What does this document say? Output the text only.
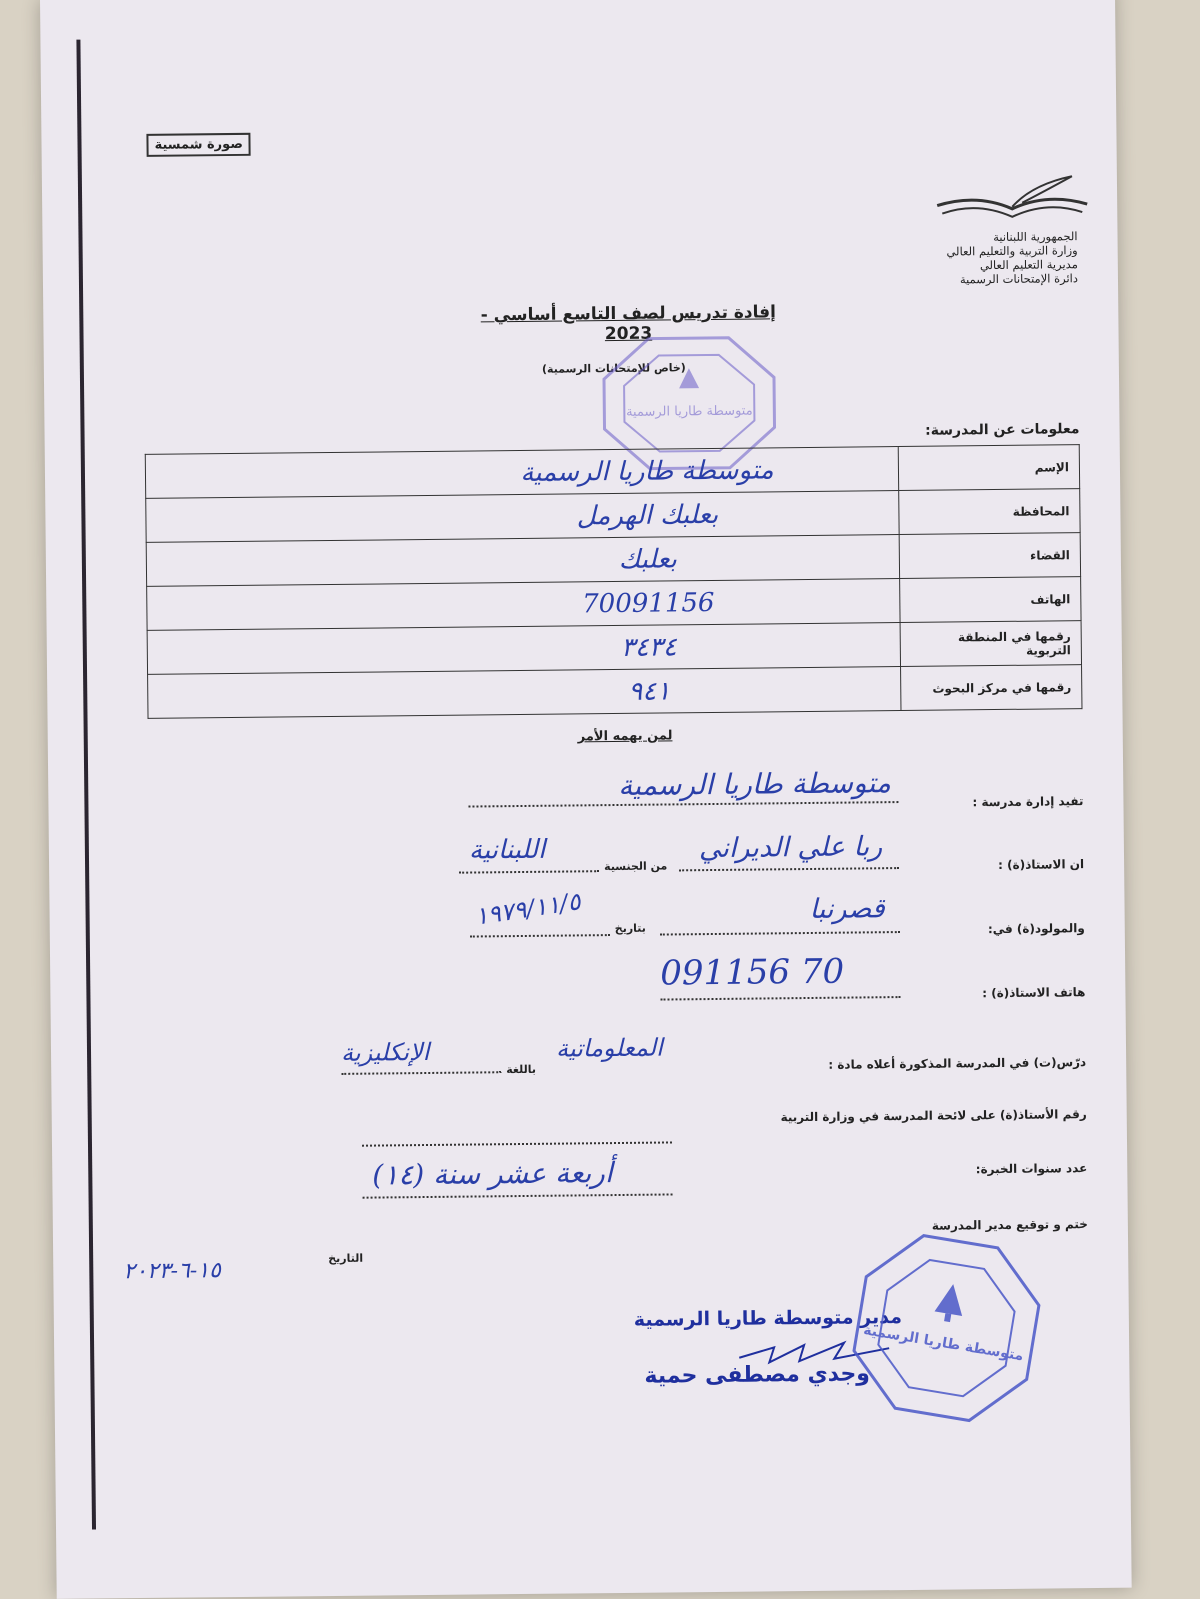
صورة شمسية
الجمهورية اللبنانية
وزارة التربية والتعليم العالي
مديرية التعليم العالي
دائرة الإمتحانات الرسمية
إفادة تدريس لصف التاسع أساسي - 2023
(خاص للإمتحانات الرسمية)
متوسطة طاريا الرسمية
معلومات عن المدرسة:
الإسم	متوسطة طاريا الرسمية
المحافظة	بعلبك الهرمل
القضاء	بعلبك
الهاتف	70091156
رقمها في المنطقة التربوية	٣٤٣٤
رقمها في مركز البحوث	٩٤١
لمن يهمه الأمر
تفيد إدارة مدرسة :
متوسطة طاريا الرسمية
ان الاستاذ(ة) :
ربا علي الديراني
من الجنسية
اللبنانية
والمولود(ة) في:
قصرنبا
بتاريخ
١٩٧٩/١١/٥
هاتف الاستاذ(ة) :
70 091156
درّس(ت) في المدرسة المذكورة أعلاه مادة :
المعلوماتية
باللغة
الإنكليزية
رقم الأستاذ(ة) على لائحة المدرسة في وزارة التربية
عدد سنوات الخبرة:
أربعة عشر سنة (١٤)
ختم و توقيع مدير المدرسة
التاريخ
١٥-٦-٢٠٢٣
مدير متوسطة طاريا الرسمية
وجدي مصطفى حمية
متوسطة طاريا الرسمية
